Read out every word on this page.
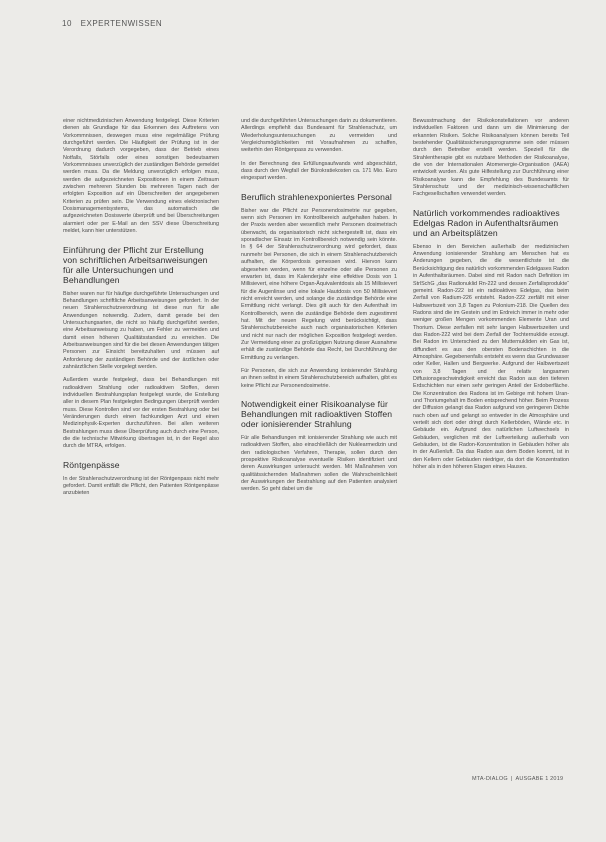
10 EXPERTENWISSEN

einer nichtmedizinischen Anwendung festgelegt. Diese Kriterien dienen als Grundlage für das Erkennen des Auftretens von Vorkommnissen, deswegen muss eine regelmäßige Prüfung durchgeführt werden. Die Häufigkeit der Prüfung ist in der Verordnung dadurch vorgegeben, dass der Betrieb eines Notfalls, Störfalls oder eines sonstigen bedeutsamen Vorkommnisses unverzüglich der zuständigen Behörde gemeldet werden muss. Da die Meldung unverzüglich erfolgen muss, werden die aufgezeichneten Expositionen in einem Zeitraum zwischen mehreren Stunden bis mehreren Tagen nach der erfolgten Exposition auf ein Überschreiten der angegebenen Kriterien zu prüfen sein. Die Verwendung eines elektronischen Dosismanagementsystems, das automatisch die aufgezeichneten Dosiswerte überprüft und bei Überschreitungen alarmiert oder per E-Mail an den SSV diese Überschreitung meldet, kann hier unterstützen.

Einführung der Pflicht zur Erstellung von schriftlichen Arbeitsanweisungen für alle Untersuchungen und Behandlungen

Bisher waren nur für häufige durchgeführte Untersuchungen und Behandlungen schriftliche Arbeitsanweisungen gefordert. In der neuen Strahlenschutzverordnung ist diese nun für alle Anwendungen notwendig. Zudem, damit gerade bei den Untersuchungsarten, die nicht so häufig durchgeführt werden, eine Arbeitsanweisung zu haben, um Fehler zu vermeiden und damit einen höheren Qualitätsstandard zu erreichen. Die Arbeitsanweisungen sind für die bei diesen Anwendungen tätigen Personen zur Einsicht bereitzuhalten und müssen auf Anforderung der zuständigen Behörde und der ärztlichen oder zahnärztlichen Stelle vorgelegt werden.

Außerdem wurde festgelegt, dass bei Behandlungen mit radioaktiven Strahlung oder radioaktiven Stoffen, deren individuellen Bestrahlungsplan festgelegt wurde, die Erstellung aller in diesem Plan festgelegten Bedingungen überprüft werden muss. Diese Kontrollen sind vor der ersten Bestrahlung oder bei Veränderungen durch einen fachkundigen Arzt und einen Medizinphysik-Experten durchzuführen. Bei allen weiteren Bestrahlungen muss diese Überprüfung auch durch eine Person, die die technische Mitwirkung übertragen ist, in der Regel also durch die MTRA, erfolgen.

Röntgenpässe

In der Strahlenschutzverordnung ist der Röntgenpass nicht mehr gefordert. Damit entfällt die Pflicht, den Patienten Röntgenpässe anzubieten

und die durchgeführten Untersuchungen darin zu dokumentieren. Allerdings empfiehlt das Bundesamt für Strahlenschutz, um Wiederholungsuntersuchungen zu vermeiden und Vergleichsmöglichkeiten mit Voraufnahmen zu schaffen, weiterhin den Röntgenpass zu verwenden.

In der Berechnung des Erfüllungsaufwands wird abgeschätzt, dass durch den Wegfall der Bürokratiekosten ca. 171 Mio. Euro eingespart werden.

Beruflich strahlenexponiertes Personal

Bisher war die Pflicht zur Personendosimetrie nur gegeben, wenn sich Personen im Kontrollbereich aufgehalten haben. In der Praxis werden aber wesentlich mehr Personen dosimetrisch überwacht, da organisatorisch nicht sichergestellt ist, dass ein sporadischer Einsatz im Kontrollbereich notwendig sein könnte. In § 64 der Strahlenschutzverordnung wird gefordert, dass nunmehr bei Personen, die sich in einem Strahlenschutzbereich aufhalten, die Körperdosis gemessen wird. Hiervon kann abgesehen werden, wenn für einzelne oder alle Personen zu erwarten ist, dass im Kalenderjahr eine effektive Dosis von 1 Millisievert, eine höhere Organ-Äquivalentdosis als 15 Millisievert für die Augenlinse und eine lokale Hautdosis von 50 Millisievert nicht erreicht werden, und solange die zuständige Behörde eine Ermittlung nicht verlangt. Dies gilt auch für den Aufenthalt im Kontrollbereich, wenn die zuständige Behörde dem zugestimmt hat. Mit der neuen Regelung wird berücksichtigt, dass Strahlenschutzbereiche auch nach organisatorischen Kriterien und nicht nur nach der möglichen Exposition festgelegt werden. Zur Vermeidung einer zu großzügigen Nutzung dieser Ausnahme erhält die zuständige Behörde das Recht, bei Durchführung der Ermittlung zu verlangen.

Für Personen, die sich zur Anwendung ionisierender Strahlung an ihnen selbst in einem Strahlenschutzbereich aufhalten, gibt es keine Pflicht zur Personendosimetrie.

Notwendigkeit einer Risikoanalyse für Behandlungen mit radioaktiven Stoffen oder ionisierender Strahlung

Für alle Behandlungen mit ionisierender Strahlung wie auch mit radioaktiven Stoffen, also einschließlich der Nuklearmedizin und den radiologischen Verfahren, Therapie, sollen durch den prospektive Risikoanalyse eventuelle Risiken identifiziert und deren Auswirkungen untersucht werden. Mit Maßnahmen von qualitätssichernden Maßnahmen sollen die Wahrscheinlichkeit der Auswirkungen der Bestrahlung auf den Patienten analysiert werden. So geht dabei um die

Bewusstmachung der Risikokonstellationen vor anderen individuellen Faktoren und dann um die Minimierung der erkannten Risiken. Solche Risikoanalysen können bereits Teil bestehender Qualitätssicherungsprogramme sein oder müssen durch den Betreiber erstellt werden. Speziell für die Strahlentherapie gibt es nutzbare Methoden der Risikoanalyse, die von der Internationalen Atomenergie-Organisation (IAEA) entwickelt wurden. Als gute Hilfestellung zur Durchführung einer Risikoanalyse kann die Empfehlung des Bundesamts für Strahlenschutz und der medizinisch-wissenschaftlichen Fachgesellschaften verwendet werden.

Natürlich vorkommendes radioaktives Edelgas Radon in Aufenthaltsräumen und an Arbeitsplätzen

Ebenso in den Bereichen außerhalb der medizinischen Anwendung ionisierender Strahlung am Menschen hat es Änderungen gegeben, die die wesentlichste ist die Berücksichtigung des natürlich vorkommenden Edelgases Radon in Aufenthaltsräumen. Dabei sind mit Radon nach Definition im StrlSchG „das Radionuklid Rn-222 und dessen Zerfallsprodukte“ gemeint. Radon-222 ist ein radioaktives Edelgas, das beim Zerfall von Radium-226 entsteht. Radon-222 zerfällt mit einer Halbwertszeit von 3,8 Tagen zu Polonium-218. Die Quellen des Radons sind die im Gestein und im Erdreich immer in mehr oder weniger großen Mengen vorkommenden Elemente Uran und Thorium. Diese zerfallen mit sehr langen Halbwertszeiten und das Radon-222 wird bei dem Zerfall der Tochternuklide erzeugt. Bei Radon im Unterschied zu den Mutternukliden ein Gas ist, diffundiert es aus den obersten Bodenschichten in die Atmosphäre. Gegebenenfalls entsteht es wenn das Grundwasser oder Keller, Hallen und Bergwerke. Aufgrund der Halbwertszeit von 3,8 Tagen und der relativ langsamen Diffusionsgeschwindigkeit erreicht das Radon aus den tieferen Erdschichten nur einen sehr geringen Anteil der Erdoberfläche. Die Konzentration des Radons ist im Gebirge mit hohem Uran- und Thoriumgehalt im Boden entsprechend höher. Beim Prozess der Diffusion gelangt das Radon aufgrund von geringeren Dichte nach oben auf und gelangt so entweder in die Atmosphäre und verteilt sich dort oder dringt durch Kellerböden, Wände etc. in Gebäude ein. Aufgrund des natürlichen Luftwechsels in Gebäuden, verglichen mit der Luftverteilung außerhalb von Gebäuden, ist die Radon-Konzentration in Gebäuden höher als in der Außenluft. Da das Radon aus dem Boden kommt, ist in den Kellern oder Gebäuden niedriger, da dort die Konzentration höher als in den höheren Etagen eines Hauses.

MTA-DIALOG | AUSGABE 1 2019
